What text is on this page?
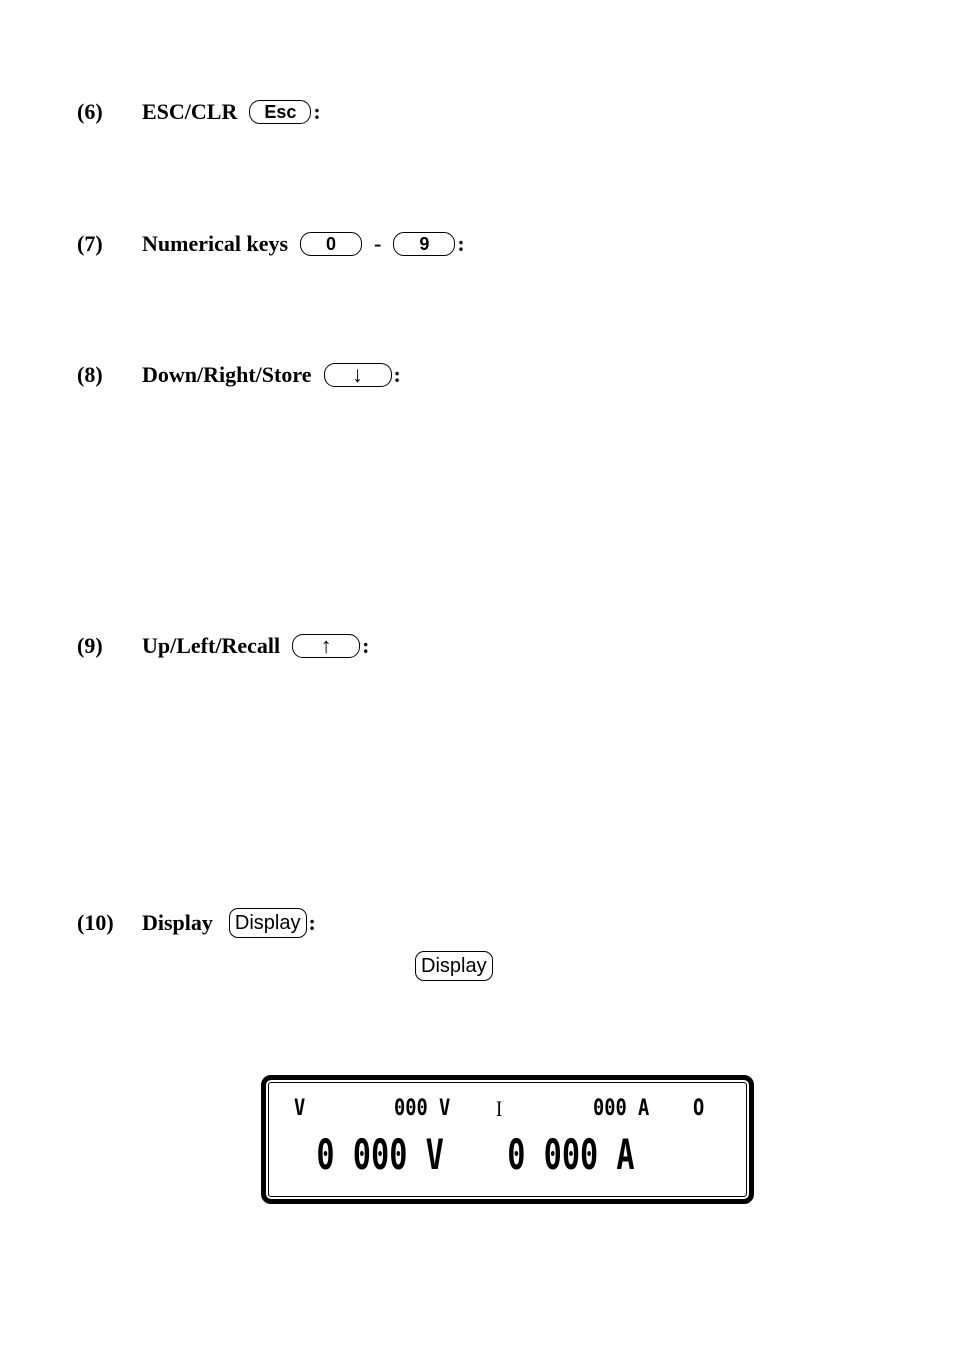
(6) ESC/CLR	Esc :
(7) Numerical keys	0	-	9	:
(8) Down/Right/Store	↓	:
(9) Up/Left/Recall	↑	:
(10) Display	Display :
Display
V	000 V I	000 A O
0 000 V 0 000 A
